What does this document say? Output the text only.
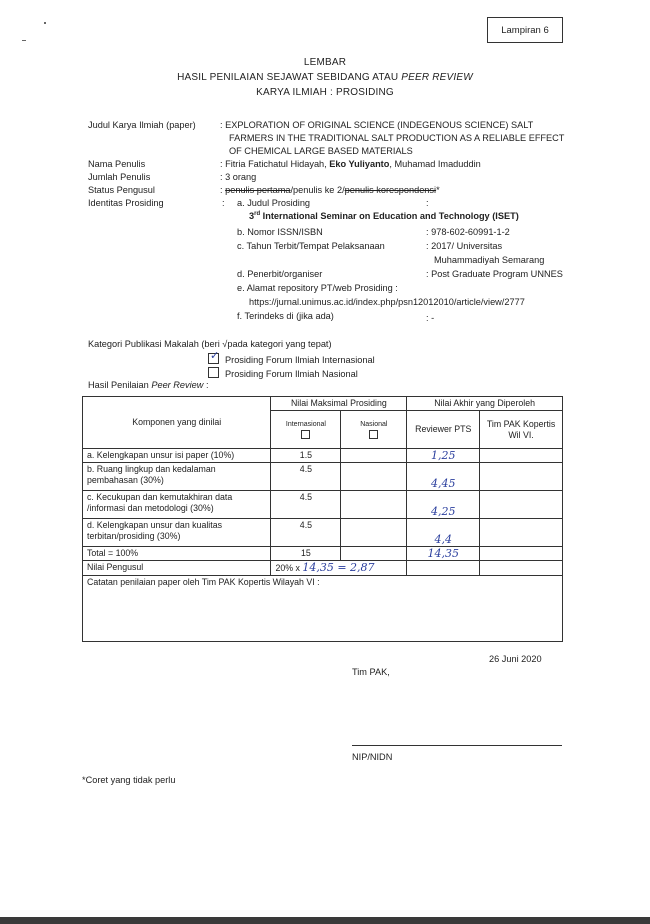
Lampiran 6
LEMBAR
HASIL PENILAIAN SEJAWAT SEBIDANG ATAU PEER REVIEW
KARYA ILMIAH : PROSIDING
Judul Karya Ilmiah (paper)	: EXPLORATION OF ORIGINAL SCIENCE (INDEGENOUS SCIENCE) SALT
FARMERS IN THE TRADITIONAL SALT PRODUCTION AS A RELIABLE EFFECT
OF CHEMICAL LARGE BASED MATERIALS
Nama Penulis	: Fitria Fatichatul Hidayah, Eko Yuliyanto, Muhamad Imaduddin
Jumlah Penulis	: 3 orang
Status Pengusul	: penulis pertama/penulis ke 2/penulis korespondensi*
Identitas Prosiding	: a. Judul Prosiding	:
3rd International Seminar on Education and Technology (ISET)
b. Nomor ISSN/ISBN	: 978-602-60991-1-2
c. Tahun Terbit/Tempat Pelaksanaan	: 2017/ Universitas
Muhammadiyah Semarang
d. Penerbit/organiser	: Post Graduate Program UNNES
e. Alamat repository PT/web Prosiding :
https://jurnal.unimus.ac.id/index.php/psn12012010/article/view/2777
f. Terindeks di (jika ada)	: -
Kategori Publikasi Makalah (beri √pada kategori yang tepat)
✓ Prosiding Forum Ilmiah Internasional
Prosiding Forum Ilmiah Nasional
Hasil Penilaian Peer Review :
Komponen yang dinilai	Nilai Maksimal Prosiding		Nilai Akhir yang Diperoleh	

	Internasional	Nasional	Reviewer PTS	Tim PAK Kopertis Wil VI.
a. Kelengkapan unsur isi paper (10%)	1.5		1,25	
b. Ruang lingkup dan kedalaman pembahasan (30%)	4.5		4,45	
c. Kecukupan dan kemutakhiran data /informasi dan metodologi (30%)	4.5		4,25	
d. Kelengkapan unsur dan kualitas terbitan/prosiding (30%)	4.5		4,4	
Total = 100%	15		14,35	
Nilai Pengusul	20% x 14,35 = 2,87			
Catatan penilaian paper oleh Tim PAK Kopertis Wilayah VI :				
26 Juni 2020
Tim PAK,
NIP/NIDN
*Coret yang tidak perlu
